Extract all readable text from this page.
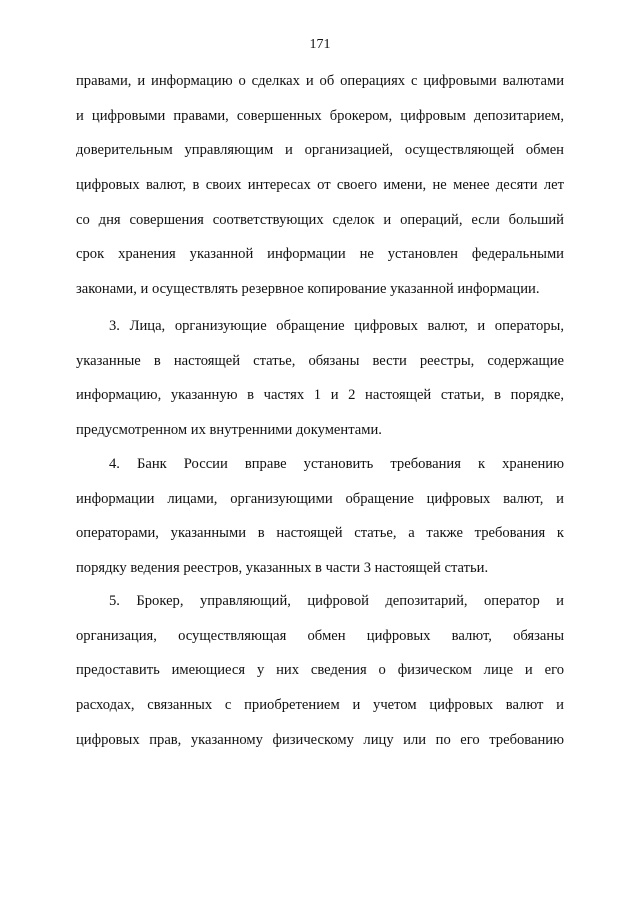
171
правами, и информацию о сделках и об операциях с цифровыми валютами
и цифровыми правами, совершенных брокером, цифровым депозитарием,
доверительным управляющим и организацией, осуществляющей обмен
цифровых валют, в своих интересах от своего имени, не менее десяти лет
со дня совершения соответствующих сделок и операций, если больший
срок хранения указанной информации не установлен федеральными
законами, и осуществлять резервное копирование указанной информации.
3. Лица, организующие обращение цифровых валют, и операторы,
указанные в настоящей статье, обязаны вести реестры, содержащие
информацию, указанную в частях 1 и 2 настоящей статьи, в порядке,
предусмотренном их внутренними документами.
4. Банк России вправе установить требования к хранению
информации лицами, организующими обращение цифровых валют, и
операторами, указанными в настоящей статье, а также требования к
порядку ведения реестров, указанных в части 3 настоящей статьи.
5. Брокер, управляющий, цифровой депозитарий, оператор и
организация, осуществляющая обмен цифровых валют, обязаны
предоставить имеющиеся у них сведения о физическом лице и его
расходах, связанных с приобретением и учетом цифровых валют и
цифровых прав, указанному физическому лицу или по его требованию
